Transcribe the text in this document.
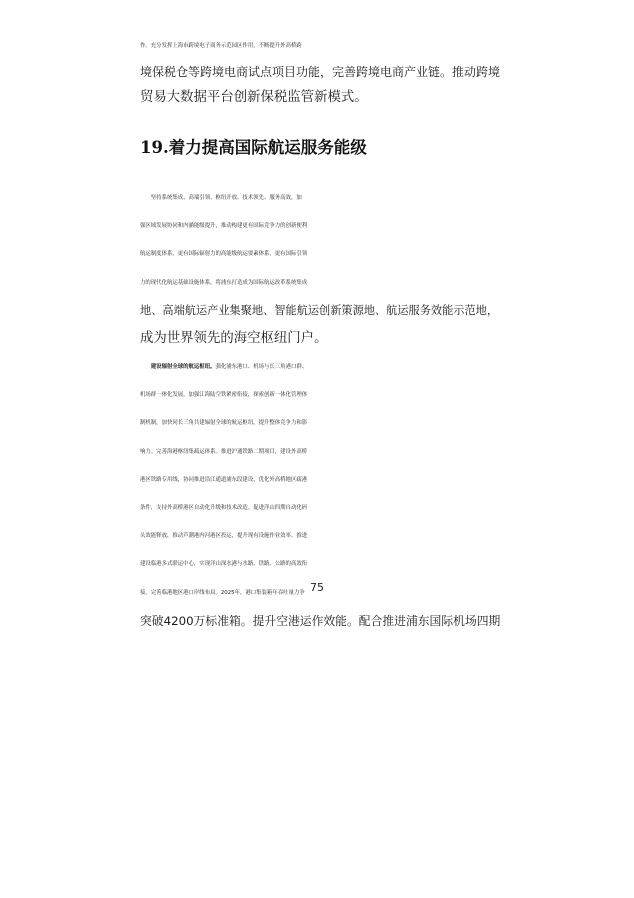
作。充分发挥上海市跨境电子商务示范园区作用，不断提升外高桥跨
境保税仓等跨境电商试点项目功能，完善跨境电商产业链。推动跨境
贸易大数据平台创新保税监管新模式。
19.着力提高国际航运服务能级
　　坚持系统集成、高端引领、枢纽开放、技术领先、服务高效，加
强区域发展协同和内涵能级提升，推动构建更有国际竞争力的创新便利
航运制度体系，更有国际辐射力的高能级航运要素体系，更有国际引领
力的现代化航运基础设施体系，将浦东打造成为国际航运改革系统集成
地、高端航运产业集聚地、智能航运创新策源地、航运服务效能示范地，
成为世界领先的海空枢纽门户。
　　建设辐射全球的航运枢纽。强化浦东港口、机场与长三角港口群、
机场群一体化发展，加强江海陆空铁紧密衔接，探索创新一体化管理体
制机制。加快同长三角共建辐射全球的航运枢纽，提升整体竞争力和影
响力。完善海港枢纽集疏运体系。推进沪通铁路二期项目，建设外高桥
港区铁路专用线，协同推进沿江通道浦东段建设，优化外高桥地区疏港
条件，支持外高桥港区自动化升级和技术改造。促进洋山四期自动化码
头效能释放，推动芦潮港内河港区投运，提升现有设施作业效率。推进
建设临港多式联运中心，实现洋山深水港与水路、铁路、公路的高效衔
接。完善临港地区港口岸线布局。2025年，港口集装箱年吞吐量力争
突破4200万标准箱。提升空港运作效能。配合推进浦东国际机场四期
75
